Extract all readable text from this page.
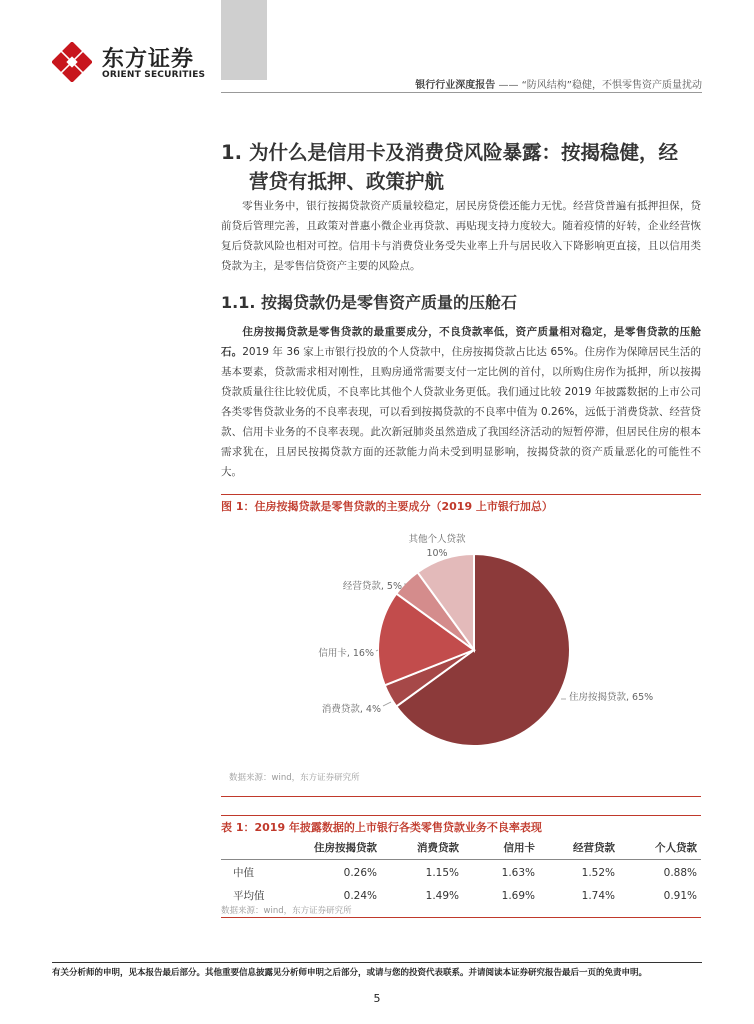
东方证券
ORIENT SECURITIES
银行行业深度报告 —— “防风结构”稳健，不惧零售资产质量扰动
1. 为什么是信用卡及消费贷风险暴露：按揭稳健，经
营贷有抵押、政策护航
  零售业务中，银行按揭贷款资产质量较稳定，居民房贷偿还能力无忧。经营贷普遍有抵押担保，贷前贷后管理完善，且政策对普惠小微企业再贷款、再贴现支持力度较大。随着疫情的好转，企业经营恢复后贷款风险也相对可控。信用卡与消费贷业务受失业率上升与居民收入下降影响更直接，且以信用类贷款为主，是零售信贷资产主要的风险点。
1.1. 按揭贷款仍是零售资产质量的压舱石
  住房按揭贷款是零售贷款的最重要成分，不良贷款率低，资产质量相对稳定，是零售贷款的压舱石。2019 年 36 家上市银行投放的个人贷款中，住房按揭贷款占比达 65%。住房作为保障居民生活的基本要素，贷款需求相对刚性，且购房通常需要支付一定比例的首付，以所购住房作为抵押，所以按揭贷款质量往往比较优质，不良率比其他个人贷款业务更低。我们通过比较 2019 年披露数据的上市公司各类零售贷款业务的不良率表现，可以看到按揭贷款的不良率中值为 0.26%，远低于消费贷款、经营贷款、信用卡业务的不良率表现。此次新冠肺炎虽然造成了我国经济活动的短暂停滞，但居民住房的根本需求犹在，且居民按揭贷款方面的还款能力尚未受到明显影响，按揭贷款的资产质量恶化的可能性不大。
图 1：住房按揭贷款是零售贷款的主要成分（2019 上市银行加总）
住房按揭贷款, 65%
消费贷款, 4%
信用卡, 16%
经营贷款, 5%
其他个人贷款
10%
数据来源：wind，东方证券研究所
表 1：2019 年披露数据的上市银行各类零售贷款业务不良率表现
	住房按揭贷款	消费贷款	信用卡	经营贷款	个人贷款
中值	0.26%	1.15%	1.63%	1.52%	0.88%
平均值	0.24%	1.49%	1.69%	1.74%	0.91%
数据来源：wind，东方证券研究所
有关分析师的申明，见本报告最后部分。其他重要信息披露见分析师申明之后部分，或请与您的投资代表联系。并请阅读本证券研究报告最后一页的免责申明。
5
